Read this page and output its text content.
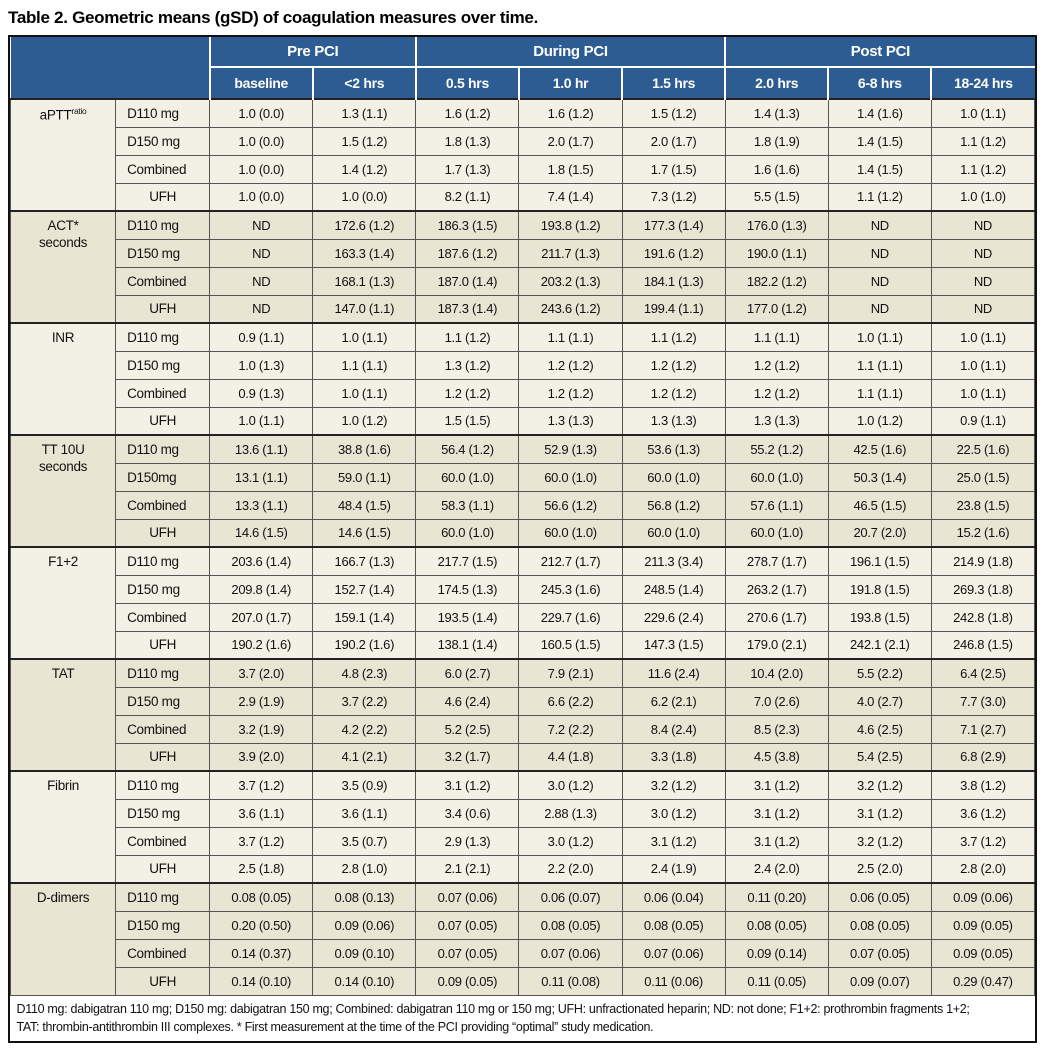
Table 2. Geometric means (gSD) of coagulation measures over time.
		Pre PCI		During PCI			Post PCI		
		baseline	<2 hrs	0.5 hrs	1.0 hr	1.5 hrs	2.0 hrs	6-8 hrs	18-24 hrs
aPTT$^{ratio}$	D110 mg	1.0 (0.0)	1.3 (1.1)	1.6 (1.2)	1.6 (1.2)	1.5 (1.2)	1.4 (1.3)	1.4 (1.6)	1.0 (1.1)
	D150 mg	1.0 (0.0)	1.5 (1.2)	1.8 (1.3)	2.0 (1.7)	2.0 (1.7)	1.8 (1.9)	1.4 (1.5)	1.1 (1.2)
	Combined	1.0 (0.0)	1.4 (1.2)	1.7 (1.3)	1.8 (1.5)	1.7 (1.5)	1.6 (1.6)	1.4 (1.5)	1.1 (1.2)
	UFH	1.0 (0.0)	1.0 (0.0)	8.2 (1.1)	7.4 (1.4)	7.3 (1.2)	5.5 (1.5)	1.1 (1.2)	1.0 (1.0)
ACT*
seconds	D110 mg	ND	172.6 (1.2)	186.3 (1.5)	193.8 (1.2)	177.3 (1.4)	176.0 (1.3)	ND	ND
	D150 mg	ND	163.3 (1.4)	187.6 (1.2)	211.7 (1.3)	191.6 (1.2)	190.0 (1.1)	ND	ND
	Combined	ND	168.1 (1.3)	187.0 (1.4)	203.2 (1.3)	184.1 (1.3)	182.2 (1.2)	ND	ND
	UFH	ND	147.0 (1.1)	187.3 (1.4)	243.6 (1.2)	199.4 (1.1)	177.0 (1.2)	ND	ND
INR	D110 mg	0.9 (1.1)	1.0 (1.1)	1.1 (1.2)	1.1 (1.1)	1.1 (1.2)	1.1 (1.1)	1.0 (1.1)	1.0 (1.1)
	D150 mg	1.0 (1.3)	1.1 (1.1)	1.3 (1.2)	1.2 (1.2)	1.2 (1.2)	1.2 (1.2)	1.1 (1.1)	1.0 (1.1)
	Combined	0.9 (1.3)	1.0 (1.1)	1.2 (1.2)	1.2 (1.2)	1.2 (1.2)	1.2 (1.2)	1.1 (1.1)	1.0 (1.1)
	UFH	1.0 (1.1)	1.0 (1.2)	1.5 (1.5)	1.3 (1.3)	1.3 (1.3)	1.3 (1.3)	1.0 (1.2)	0.9 (1.1)
TT 10U
seconds	D110 mg	13.6 (1.1)	38.8 (1.6)	56.4 (1.2)	52.9 (1.3)	53.6 (1.3)	55.2 (1.2)	42.5 (1.6)	22.5 (1.6)
	D150mg	13.1 (1.1)	59.0 (1.1)	60.0 (1.0)	60.0 (1.0)	60.0 (1.0)	60.0 (1.0)	50.3 (1.4)	25.0 (1.5)
	Combined	13.3 (1.1)	48.4 (1.5)	58.3 (1.1)	56.6 (1.2)	56.8 (1.2)	57.6 (1.1)	46.5 (1.5)	23.8 (1.5)
	UFH	14.6 (1.5)	14.6 (1.5)	60.0 (1.0)	60.0 (1.0)	60.0 (1.0)	60.0 (1.0)	20.7 (2.0)	15.2 (1.6)
F1+2	D110 mg	203.6 (1.4)	166.7 (1.3)	217.7 (1.5)	212.7 (1.7)	211.3 (3.4)	278.7 (1.7)	196.1 (1.5)	214.9 (1.8)
	D150 mg	209.8 (1.4)	152.7 (1.4)	174.5 (1.3)	245.3 (1.6)	248.5 (1.4)	263.2 (1.7)	191.8 (1.5)	269.3 (1.8)
	Combined	207.0 (1.7)	159.1 (1.4)	193.5 (1.4)	229.7 (1.6)	229.6 (2.4)	270.6 (1.7)	193.8 (1.5)	242.8 (1.8)
	UFH	190.2 (1.6)	190.2 (1.6)	138.1 (1.4)	160.5 (1.5)	147.3 (1.5)	179.0 (2.1)	242.1 (2.1)	246.8 (1.5)
TAT	D110 mg	3.7 (2.0)	4.8 (2.3)	6.0 (2.7)	7.9 (2.1)	11.6 (2.4)	10.4 (2.0)	5.5 (2.2)	6.4 (2.5)
	D150 mg	2.9 (1.9)	3.7 (2.2)	4.6 (2.4)	6.6 (2.2)	6.2 (2.1)	7.0 (2.6)	4.0 (2.7)	7.7 (3.0)
	Combined	3.2 (1.9)	4.2 (2.2)	5.2 (2.5)	7.2 (2.2)	8.4 (2.4)	8.5 (2.3)	4.6 (2.5)	7.1 (2.7)
	UFH	3.9 (2.0)	4.1 (2.1)	3.2 (1.7)	4.4 (1.8)	3.3 (1.8)	4.5 (3.8)	5.4 (2.5)	6.8 (2.9)
Fibrin	D110 mg	3.7 (1.2)	3.5 (0.9)	3.1 (1.2)	3.0 (1.2)	3.2 (1.2)	3.1 (1.2)	3.2 (1.2)	3.8 (1.2)
	D150 mg	3.6 (1.1)	3.6 (1.1)	3.4 (0.6)	2.88 (1.3)	3.0 (1.2)	3.1 (1.2)	3.1 (1.2)	3.6 (1.2)
	Combined	3.7 (1.2)	3.5 (0.7)	2.9 (1.3)	3.0 (1.2)	3.1 (1.2)	3.1 (1.2)	3.2 (1.2)	3.7 (1.2)
	UFH	2.5 (1.8)	2.8 (1.0)	2.1 (2.1)	2.2 (2.0)	2.4 (1.9)	2.4 (2.0)	2.5 (2.0)	2.8 (2.0)
D-dimers	D110 mg	0.08 (0.05)	0.08 (0.13)	0.07 (0.06)	0.06 (0.07)	0.06 (0.04)	0.11 (0.20)	0.06 (0.05)	0.09 (0.06)
	D150 mg	0.20 (0.50)	0.09 (0.06)	0.07 (0.05)	0.08 (0.05)	0.08 (0.05)	0.08 (0.05)	0.08 (0.05)	0.09 (0.05)
	Combined	0.14 (0.37)	0.09 (0.10)	0.07 (0.05)	0.07 (0.06)	0.07 (0.06)	0.09 (0.14)	0.07 (0.05)	0.09 (0.05)
	UFH	0.14 (0.10)	0.14 (0.10)	0.09 (0.05)	0.11 (0.08)	0.11 (0.06)	0.11 (0.05)	0.09 (0.07)	0.29 (0.47)

D110 mg: dabigatran 110 mg; D150 mg: dabigatran 150 mg; Combined: dabigatran 110 mg or 150 mg; UFH: unfractionated heparin; ND: not done; F1+2: prothrombin fragments 1+2;
TAT: thrombin-antithrombin III complexes. * First measurement at the time of the PCI providing “optimal” study medication.									
